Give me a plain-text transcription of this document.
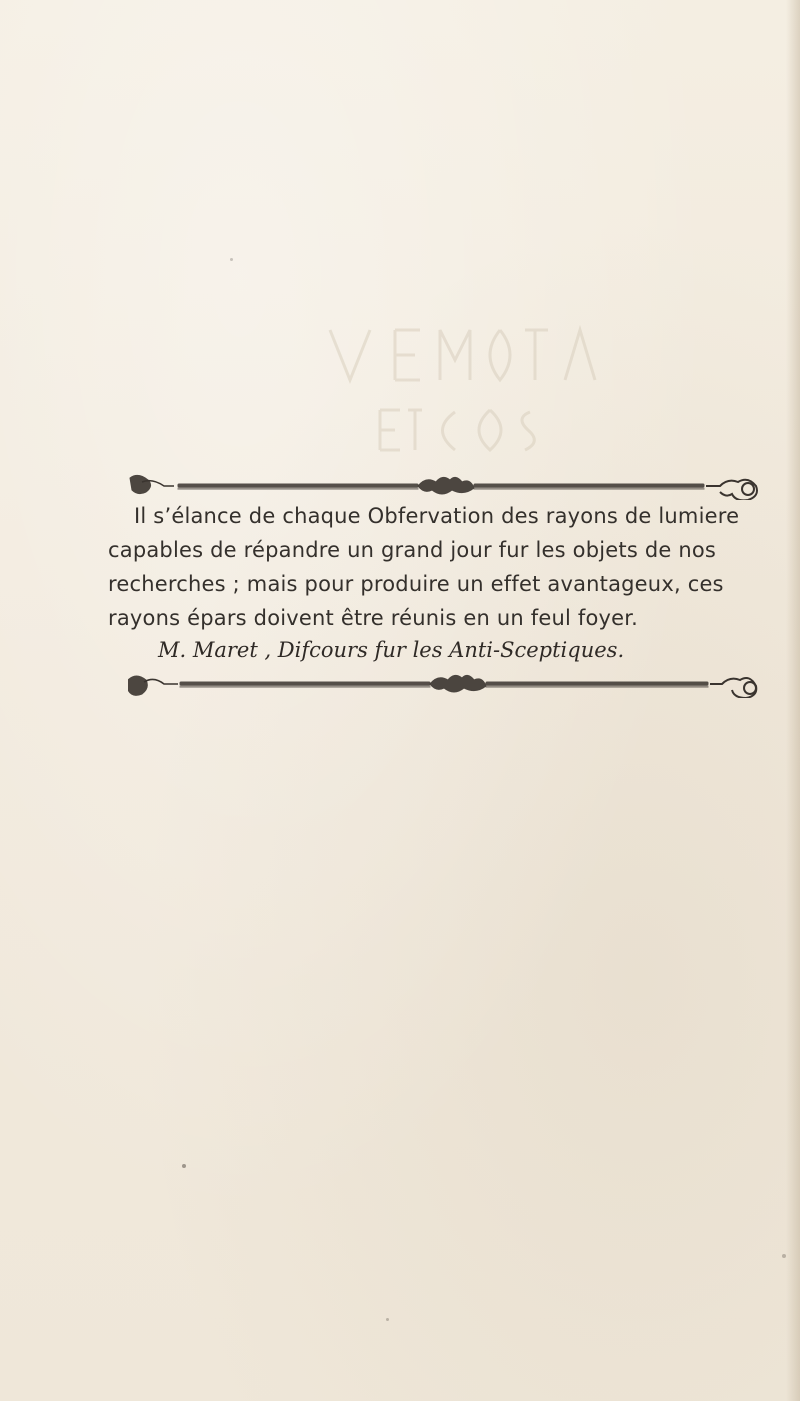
Il s’élance de chaque Obfervation des rayons de lumiere
capables de répandre un grand jour fur les objets de nos
recherches ; mais pour produire un effet avantageux, ces
rayons épars doivent être réunis en un feul foyer.
M. Maret , Difcours fur les Anti-Sceptiques.
